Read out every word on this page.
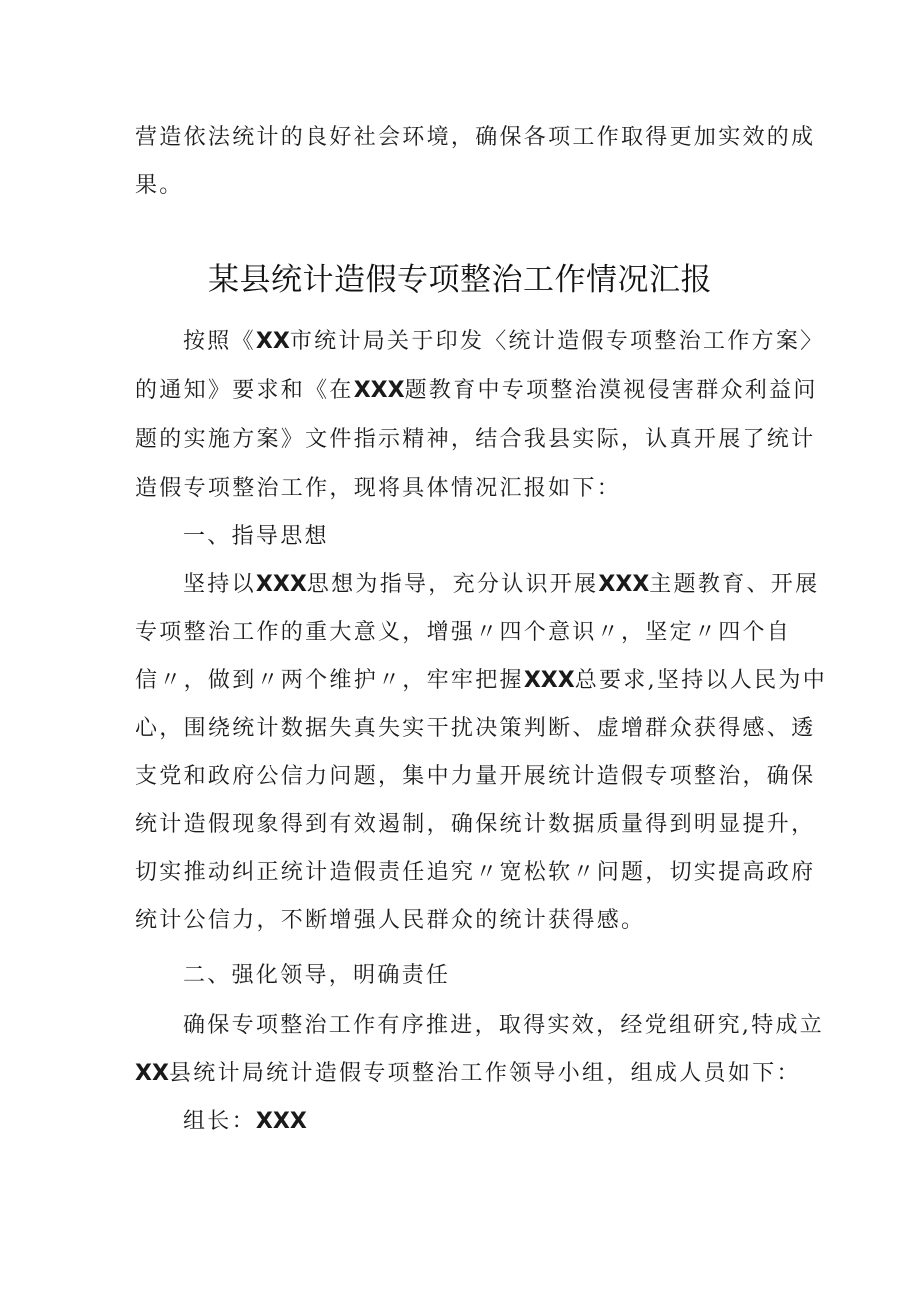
营造依法统计的良好社会环境，确保各项工作取得更加实效的成
果。
某县统计造假专项整治工作情况汇报
按照《XX市统计局关于印发〈统计造假专项整治工作方案〉
的通知》要求和《在XXX题教育中专项整治漠视侵害群众利益问
题的实施方案》文件指示精神，结合我县实际，认真开展了统计
造假专项整治工作，现将具体情况汇报如下：
一、指导思想
坚持以XXX思想为指导，充分认识开展XXX主题教育、开展
专项整治工作的重大意义，增强〃四个意识〃，坚定〃四个自
信〃，做到〃两个维护〃，牢牢把握XXX总要求,坚持以人民为中
心，围绕统计数据失真失实干扰决策判断、虚增群众获得感、透
支党和政府公信力问题，集中力量开展统计造假专项整治，确保
统计造假现象得到有效遏制，确保统计数据质量得到明显提升，
切实推动纠正统计造假责任追究〃宽松软〃问题，切实提高政府
统计公信力，不断增强人民群众的统计获得感。
二、强化领导，明确责任
确保专项整治工作有序推进，取得实效，经党组研究,特成立
XX县统计局统计造假专项整治工作领导小组，组成人员如下：
组长：XXX
